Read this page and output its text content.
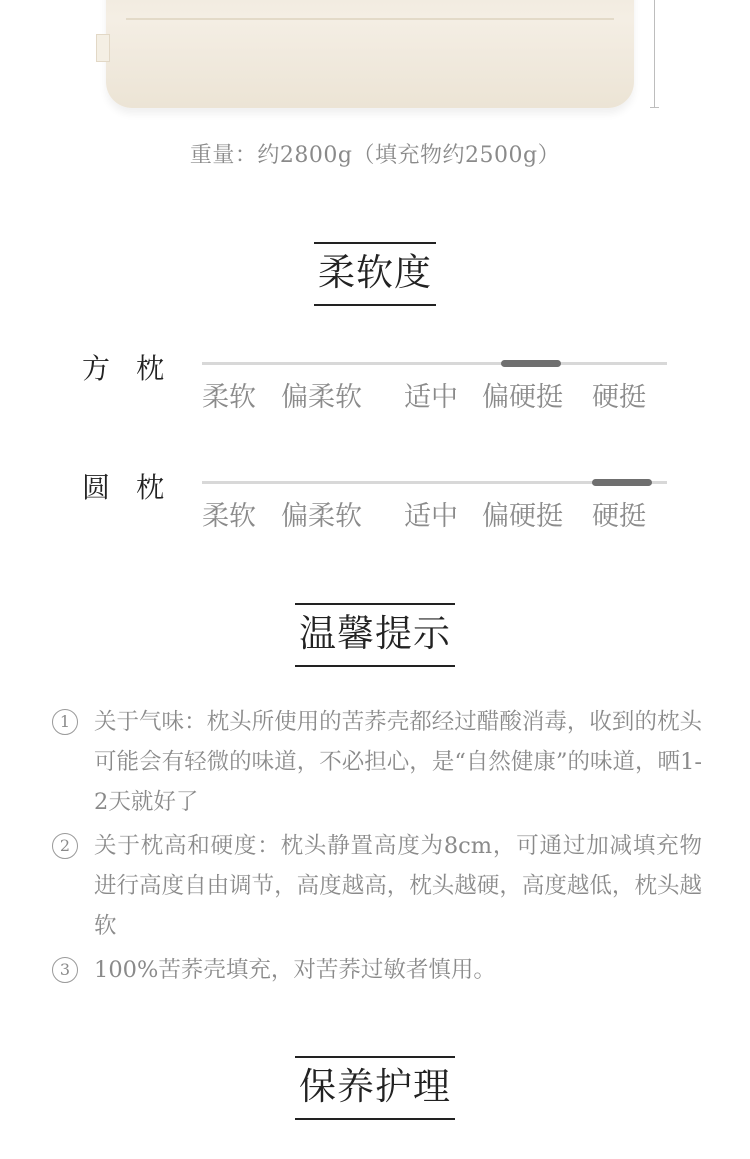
重量：约2800g（填充物约2500g）
柔软度
方枕
柔软 偏柔软 适中 偏硬挺 硬挺
圆枕
柔软 偏柔软 适中 偏硬挺 硬挺
温馨提示
1	关于气味：枕头所使用的苦荞壳都经过醋酸消毒，收到的枕头可能会有轻微的味道，不必担心，是“自然健康”的味道，晒1-2天就好了
2	关于枕高和硬度：枕头静置高度为8cm，可通过加减填充物进行高度自由调节，高度越高，枕头越硬，高度越低，枕头越软
3	100%苦荞壳填充，对苦荞过敏者慎用。
保养护理
